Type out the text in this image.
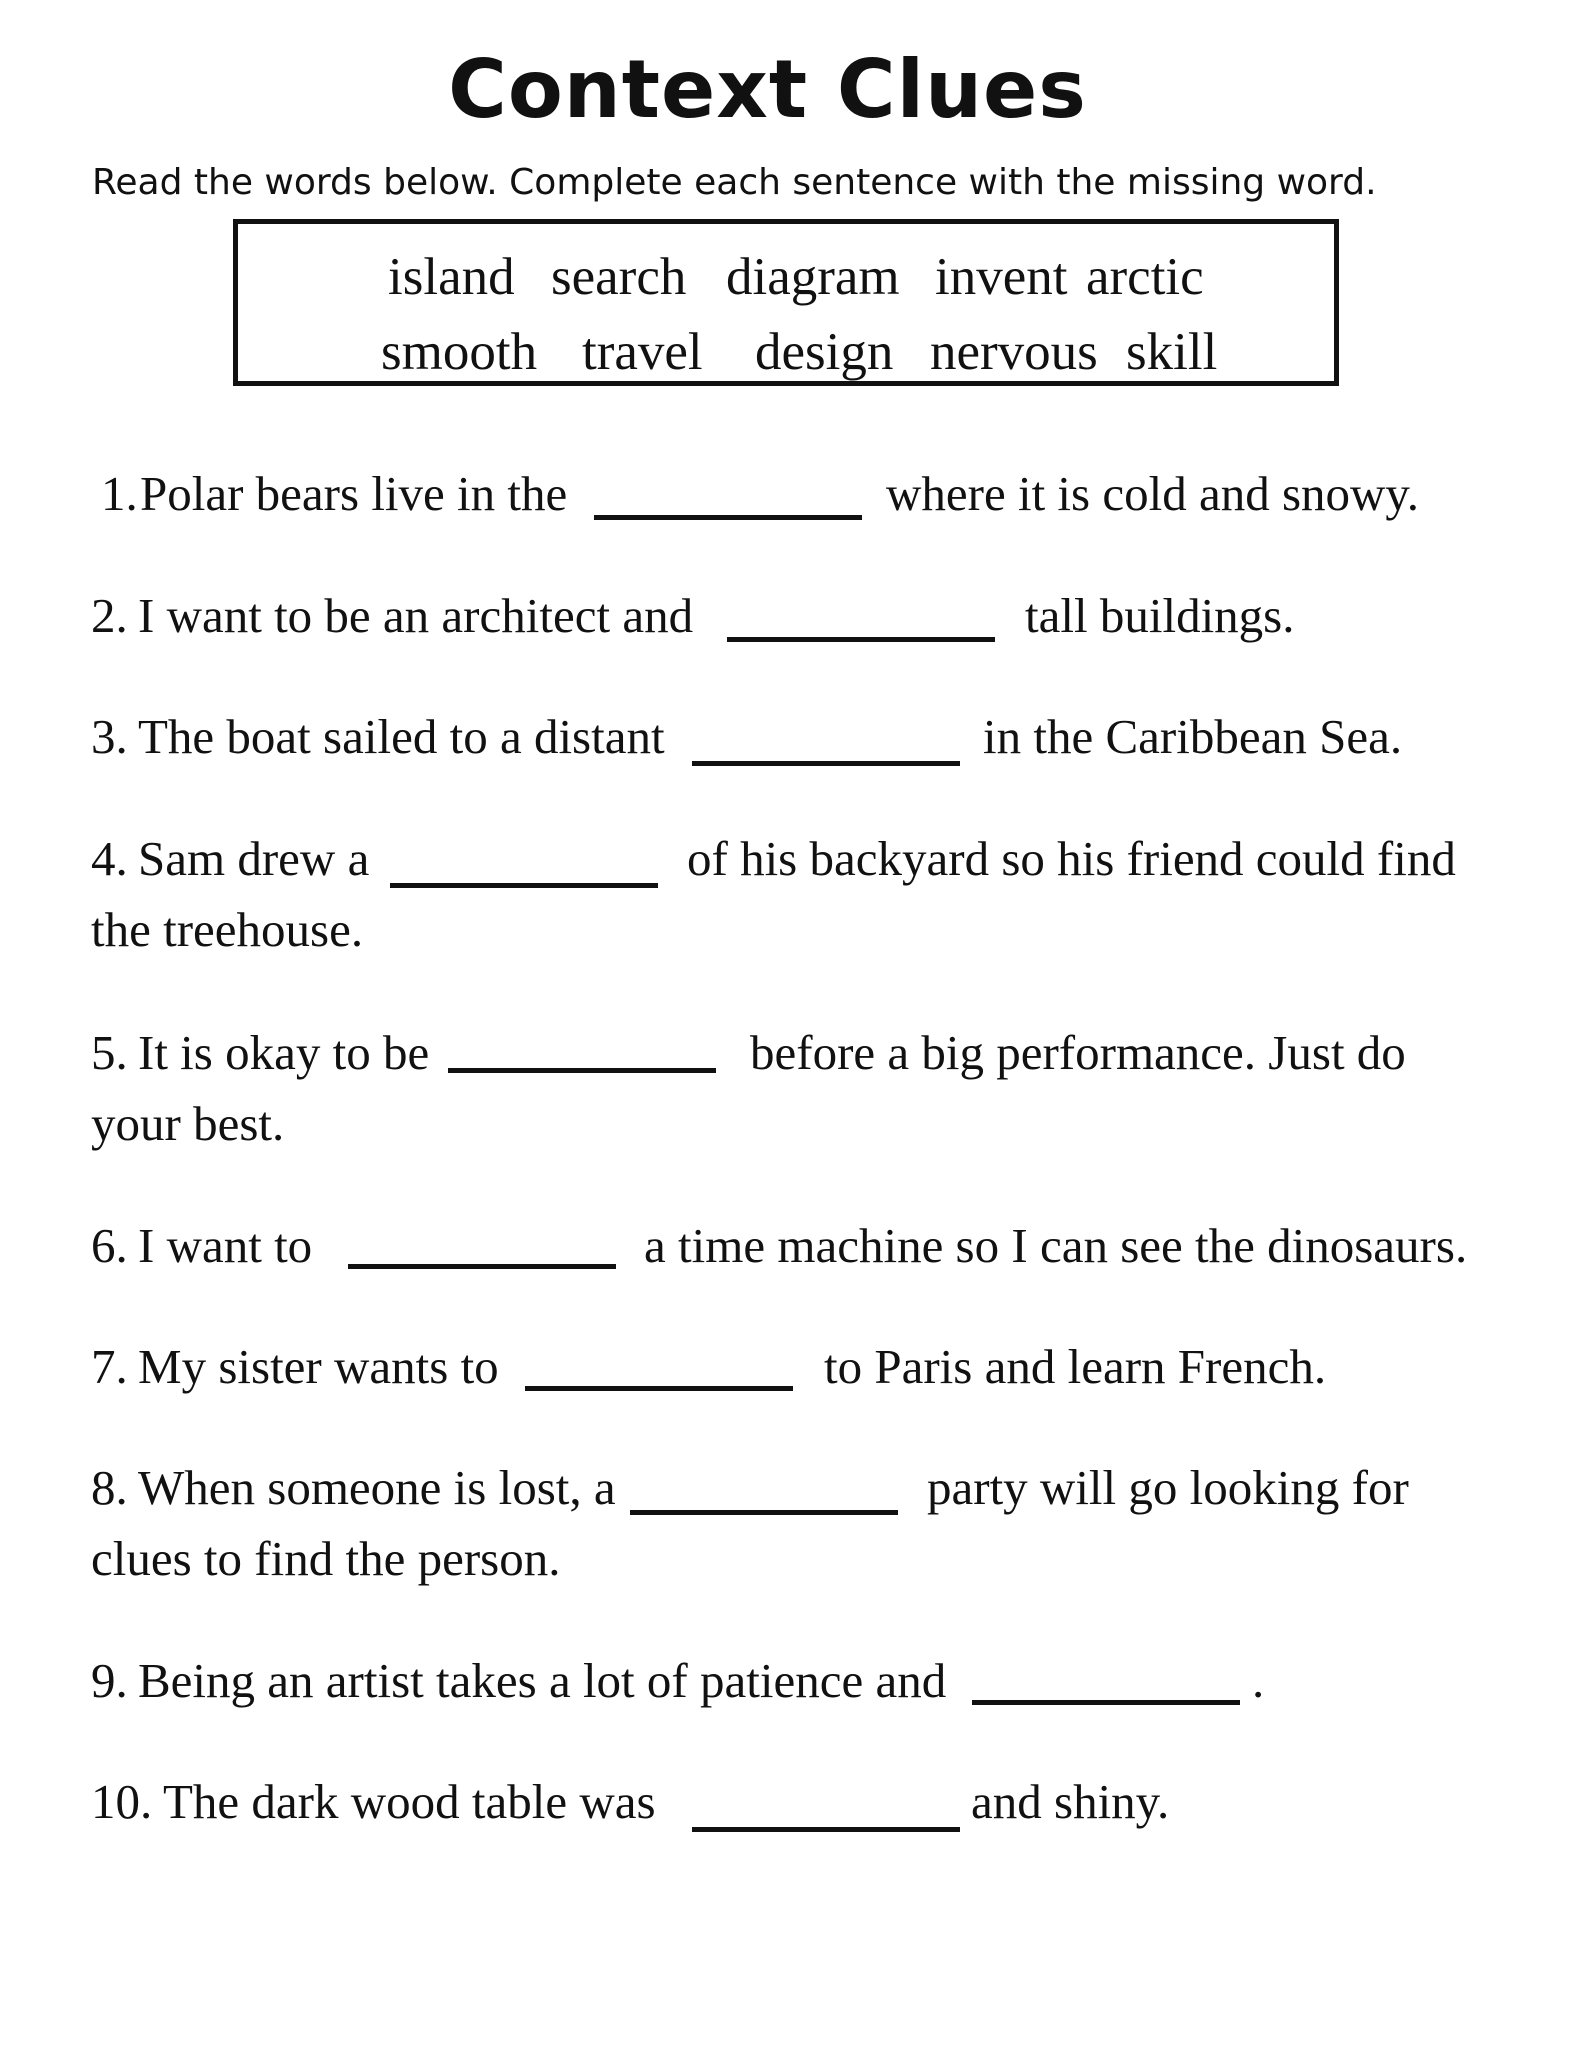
Context Clues
Read the words below. Complete each sentence with the missing word.
island search diagram invent arctic
smooth travel design nervous skill
1. Polar bears live in the	where it is cold and snowy.
2. I want to be an architect and	tall buildings.
3. The boat sailed to a distant	in the Caribbean Sea.
4. Sam drew a	of his backyard so his friend could find
the treehouse.
5. It is okay to be	before a big performance. Just do
your best.
6. I want to	a time machine so I can see the dinosaurs.
7. My sister wants to	to Paris and learn French.
8. When someone is lost, a	party will go looking for
clues to find the person.
9. Being an artist takes a lot of patience and	.
10. The dark wood table was	and shiny.
